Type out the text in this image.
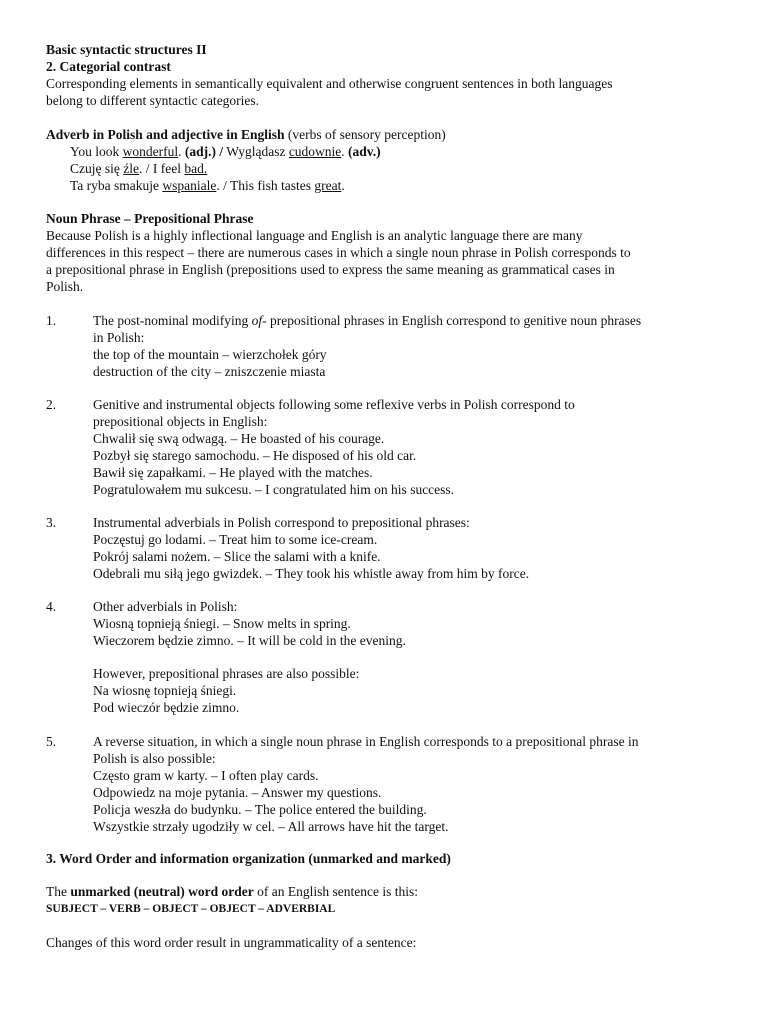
Basic syntactic structures II
2. Categorial contrast
Corresponding elements in semantically equivalent and otherwise congruent sentences in both languages
belong to different syntactic categories.
Adverb in Polish and adjective in English (verbs of sensory perception)
You look wonderful. (adj.) / Wyglądasz cudownie. (adv.)
Czuję się źle. / I feel bad.
Ta ryba smakuje wspaniale. / This fish tastes great.
Noun Phrase – Prepositional Phrase
Because Polish is a highly inflectional language and English is an analytic language there are many
differences in this respect – there are numerous cases in which a single noun phrase in Polish corresponds to
a prepositional phrase in English (prepositions used to express the same meaning as grammatical cases in
Polish.
1.	The post-nominal modifying of- prepositional phrases in English correspond to genitive noun phrases
in Polish:
the top of the mountain – wierzchołek góry
destruction of the city – zniszczenie miasta
2.	Genitive and instrumental objects following some reflexive verbs in Polish correspond to
prepositional objects in English:
Chwalił się swą odwagą. – He boasted of his courage.
Pozbył się starego samochodu. – He disposed of his old car.
Bawił się zapałkami. – He played with the matches.
Pogratulowałem mu sukcesu. – I congratulated him on his success.
3.	Instrumental adverbials in Polish correspond to prepositional phrases:
Poczęstuj go lodami. – Treat him to some ice-cream.
Pokrój salami nożem. – Slice the salami with a knife.
Odebrali mu siłą jego gwizdek. – They took his whistle away from him by force.
4.	Other adverbials in Polish:
Wiosną topnieją śniegi. – Snow melts in spring.
Wieczorem będzie zimno. – It will be cold in the evening.
However, prepositional phrases are also possible:
Na wiosnę topnieją śniegi.
Pod wieczór będzie zimno.
5.	A reverse situation, in which a single noun phrase in English corresponds to a prepositional phrase in
Polish is also possible:
Często gram w karty. – I often play cards.
Odpowiedz na moje pytania. – Answer my questions.
Policja weszła do budynku. – The police entered the building.
Wszystkie strzały ugodziły w cel. – All arrows have hit the target.
3. Word Order and information organization (unmarked and marked)
The unmarked (neutral) word order of an English sentence is this:
SUBJECT – VERB – OBJECT – OBJECT – ADVERBIAL
Changes of this word order result in ungrammaticality of a sentence:
